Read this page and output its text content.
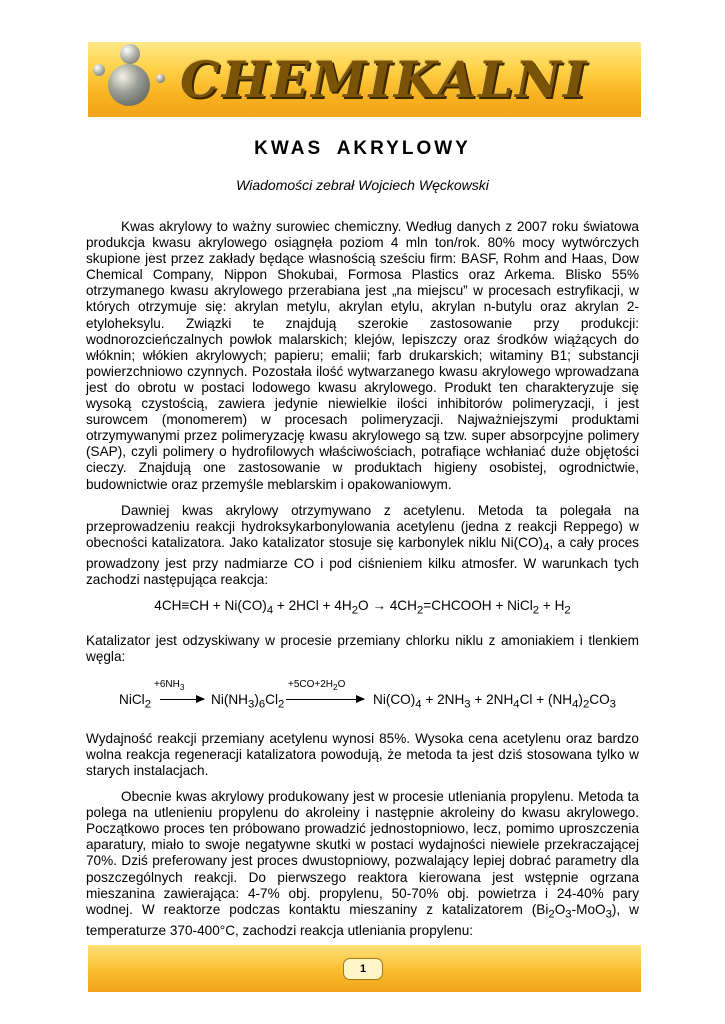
CHEMIKALNI
KWAS AKRYLOWY

Wiadomości zebrał Wojciech Węckowski

Kwas akrylowy to ważny surowiec chemiczny. Według danych z 2007 roku światowa produkcja kwasu akrylowego osiągnęła poziom 4 mln ton/rok. 80% mocy wytwórczych skupione jest przez zakłady będące własnością sześciu firm: BASF, Rohm and Haas, Dow Chemical Company, Nippon Shokubai, Formosa Plastics oraz Arkema. Blisko 55% otrzymanego kwasu akrylowego przerabiana jest „na miejscu” w procesach estryfikacji, w których otrzymuje się: akrylan metylu, akrylan etylu, akrylan n-butylu oraz akrylan 2-etyloheksylu. Związki te znajdują szerokie zastosowanie przy produkcji: wodnorozcieńczalnych powłok malarskich; klejów, lepiszczy oraz środków wiążących do włóknin; włókien akrylowych; papieru; emalii; farb drukarskich; witaminy B1; substancji powierzchniowo czynnych. Pozostała ilość wytwarzanego kwasu akrylowego wprowadzana jest do obrotu w postaci lodowego kwasu akrylowego. Produkt ten charakteryzuje się wysoką czystością, zawiera jedynie niewielkie ilości inhibitorów polimeryzacji, i jest surowcem (monomerem) w procesach polimeryzacji. Najważniejszymi produktami otrzymywanymi przez polimeryzację kwasu akrylowego są tzw. super absorpcyjne polimery (SAP), czyli polimery o hydrofilowych właściwościach, potrafiące wchłaniać duże objętości cieczy. Znajdują one zastosowanie w produktach higieny osobistej, ogrodnictwie, budownictwie oraz przemyśle meblarskim i opakowaniowym.

Dawniej kwas akrylowy otrzymywano z acetylenu. Metoda ta polegała na przeprowadzeniu reakcji hydroksykarbonylowania acetylenu (jedna z reakcji Reppego) w obecności katalizatora. Jako katalizator stosuje się karbonylek niklu $Ni(CO)_4$, a cały proces prowadzony jest przy nadmiarze CO i pod ciśnieniem kilku atmosfer. W warunkach tych zachodzi następująca reakcja:

$4CH\equiv CH + Ni(CO)_4 + 2HCl + 4H_2O$ → $4CH_2=CHCOOH$ + NiCl$_2$ + $H_2$

Katalizator jest odzyskiwany w procesie przemiany chlorku niklu z amoniakiem i tlenkiem węgla:

$+6NH_3$	$+5CO+2H_2O$
NiCl$_2$ → $Ni(NH_3)_6Cl_2$	$Ni(CO)_4 + 2NH_3 + 2NH_4Cl + (NH_4)_2CO_3$

Wydajność reakcji przemiany acetylenu wynosi 85%. Wysoka cena acetylenu oraz bardzo wolna reakcja regeneracji katalizatora powodują, że metoda ta jest dziś stosowana tylko w starych instalacjach.

Obecnie kwas akrylowy produkowany jest w procesie utleniania propylenu. Metoda ta polega na utlenieniu propylenu do akroleiny i następnie akroleiny do kwasu akrylowego. Początkowo proces ten próbowano prowadzić jednostopniowo, lecz, pomimo uproszczenia aparatury, miało to swoje negatywne skutki w postaci wydajności niewiele przekraczającej 70%. Dziś preferowany jest proces dwustopniowy, pozwalający lepiej dobrać parametry dla poszczególnych reakcji. Do pierwszego reaktora kierowana jest wstępnie ogrzana mieszanina zawierająca: 4-7% obj. propylenu, 50-70% obj. powietrza i 24-40% pary wodnej. W reaktorze podczas kontaktu mieszaniny z katalizatorem $(Bi_2O_3-MoO_3)$, w temperaturze 370-400°C, zachodzi reakcja utleniania propylenu:

1
